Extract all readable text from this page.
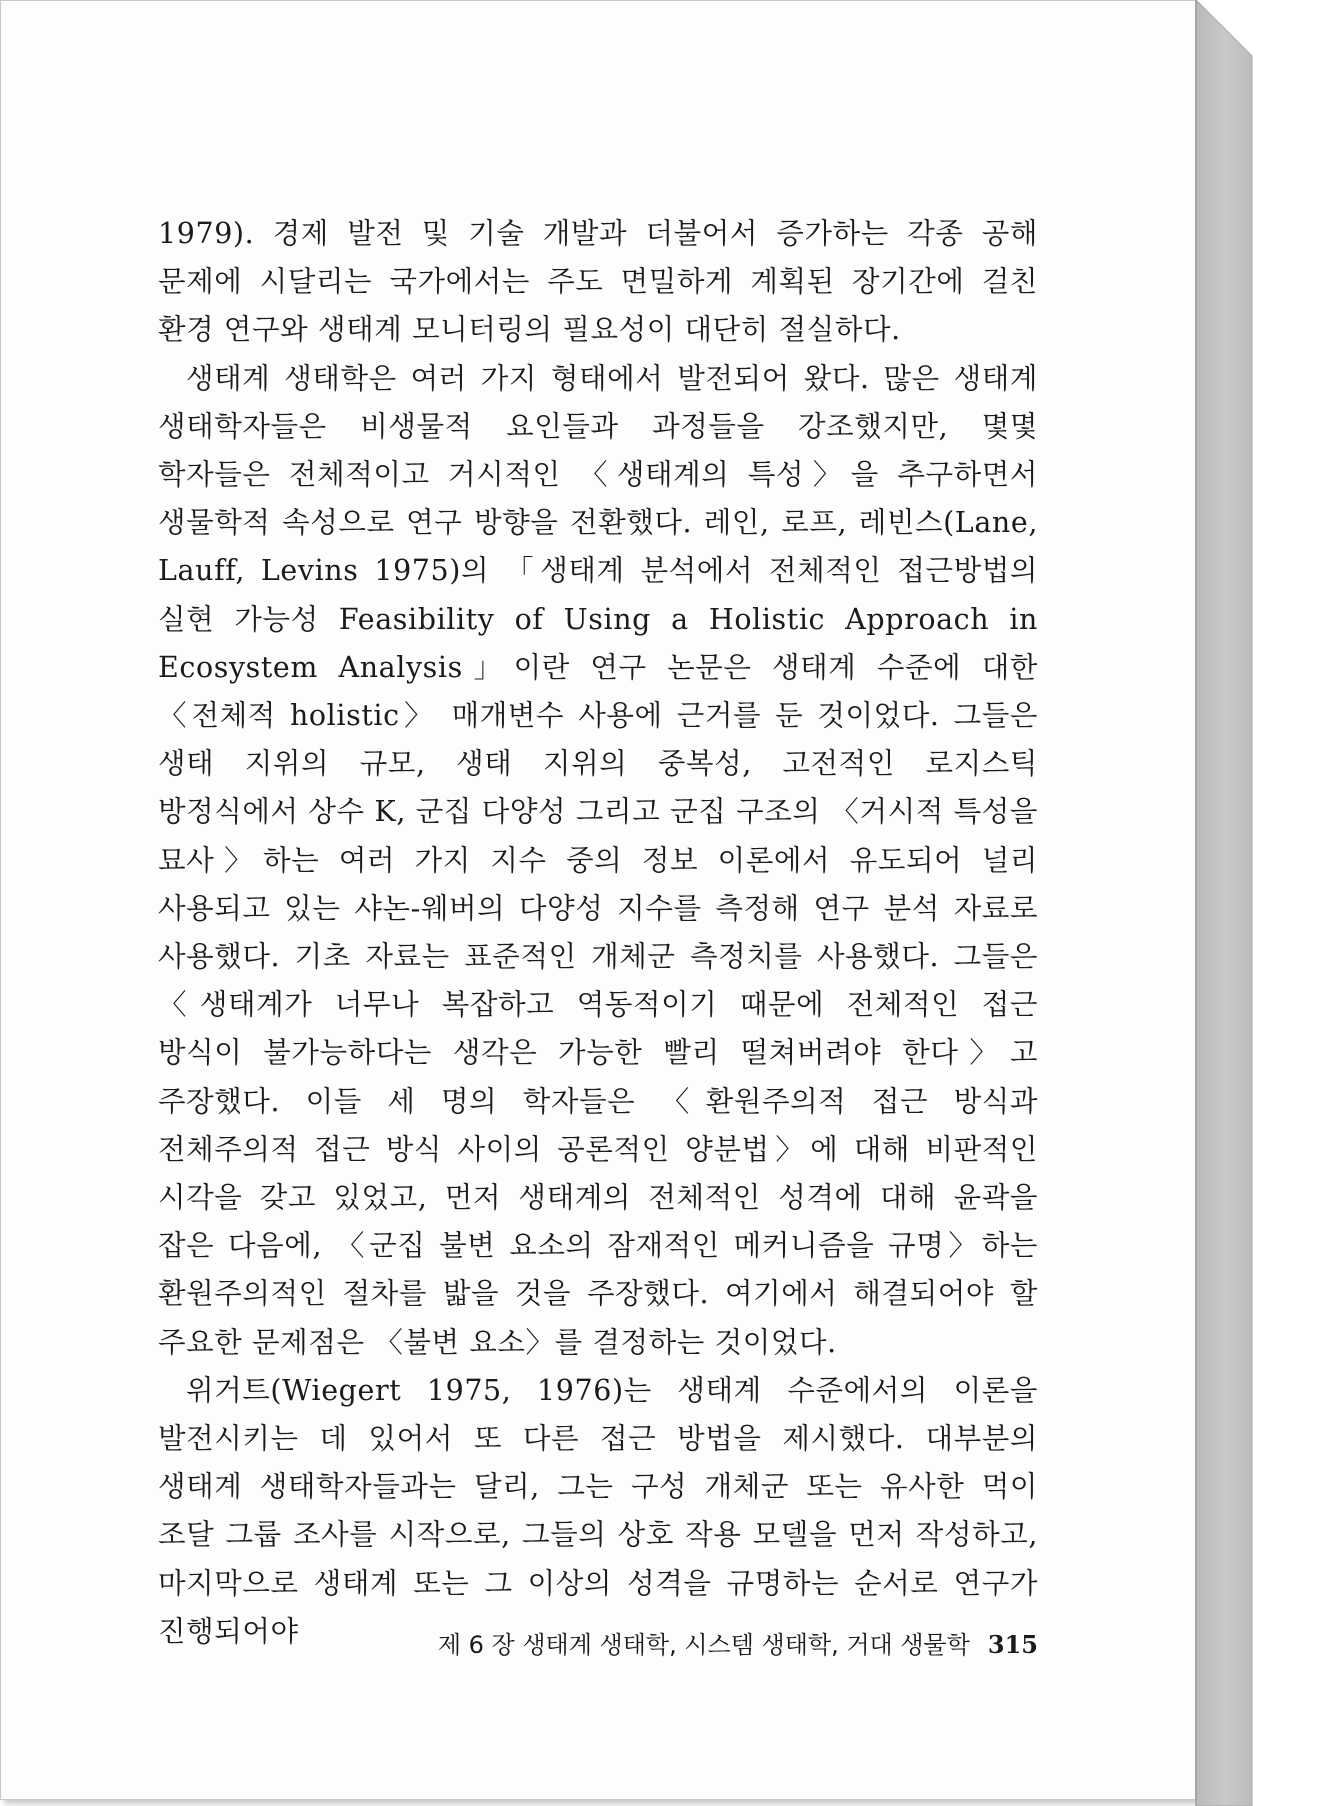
1979). 경제 발전 및 기술 개발과 더불어서 증가하는 각종 공해 문제에 시달리는 국가에서는 주도 면밀하게 계획된 장기간에 걸친 환경 연구와 생태계 모니터링의 필요성이 대단히 절실하다.

생태계 생태학은 여러 가지 형태에서 발전되어 왔다. 많은 생태계 생태학자들은 비생물적 요인들과 과정들을 강조했지만, 몇몇 학자들은 전체적이고 거시적인 〈생태계의 특성〉을 추구하면서 생물학적 속성으로 연구 방향을 전환했다. 레인, 로프, 레빈스(Lane, Lauff, Levins 1975)의 「생태계 분석에서 전체적인 접근방법의 실현 가능성 Feasibility of Using a Holistic Approach in Ecosystem Analysis」이란 연구 논문은 생태계 수준에 대한 〈전체적 holistic〉 매개변수 사용에 근거를 둔 것이었다. 그들은 생태 지위의 규모, 생태 지위의 중복성, 고전적인 로지스틱 방정식에서 상수 K, 군집 다양성 그리고 군집 구조의 〈거시적 특성을 묘사〉하는 여러 가지 지수 중의 정보 이론에서 유도되어 널리 사용되고 있는 샤논-웨버의 다양성 지수를 측정해 연구 분석 자료로 사용했다. 기초 자료는 표준적인 개체군 측정치를 사용했다. 그들은 〈생태계가 너무나 복잡하고 역동적이기 때문에 전체적인 접근 방식이 불가능하다는 생각은 가능한 빨리 떨쳐버려야 한다〉고 주장했다. 이들 세 명의 학자들은 〈환원주의적 접근 방식과 전체주의적 접근 방식 사이의 공론적인 양분법〉에 대해 비판적인 시각을 갖고 있었고, 먼저 생태계의 전체적인 성격에 대해 윤곽을 잡은 다음에, 〈군집 불변 요소의 잠재적인 메커니즘을 규명〉하는 환원주의적인 절차를 밟을 것을 주장했다. 여기에서 해결되어야 할 주요한 문제점은 〈불변 요소〉를 결정하는 것이었다.

위거트(Wiegert 1975, 1976)는 생태계 수준에서의 이론을 발전시키는 데 있어서 또 다른 접근 방법을 제시했다. 대부분의 생태계 생태학자들과는 달리, 그는 구성 개체군 또는 유사한 먹이 조달 그룹 조사를 시작으로, 그들의 상호 작용 모델을 먼저 작성하고, 마지막으로 생태계 또는 그 이상의 성격을 규명하는 순서로 연구가 진행되어야	제 6 장 생태계 생태학, 시스템 생태학, 거대 생물학 315
